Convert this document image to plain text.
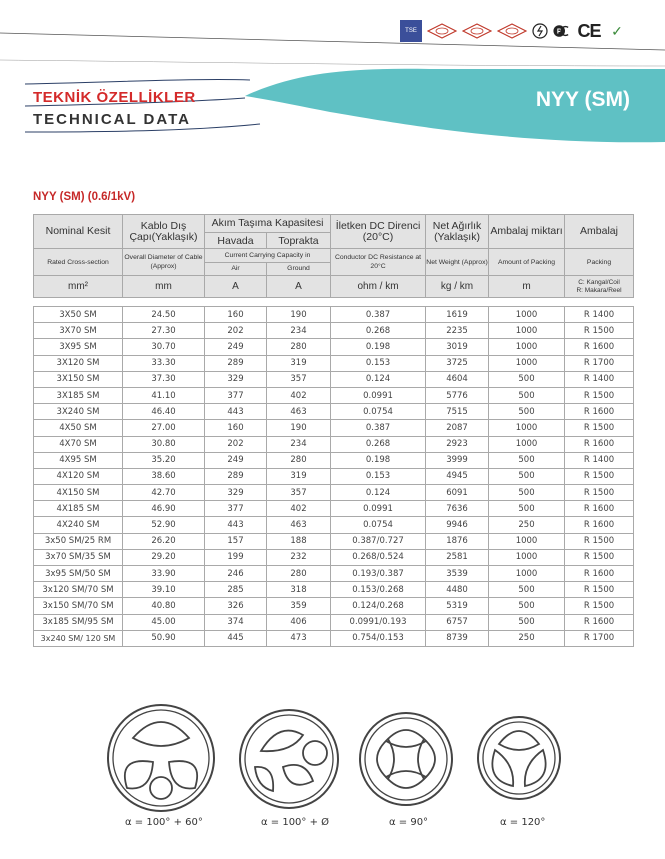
TSE	P CE ✓
TEKNİK ÖZELLİKLER
TECHNICAL DATA
NYY (SM)
NYY (SM) (0.6/1kV)
Nominal Kesit	Kablo Dış Çapı(Yaklaşık)	Akım Taşıma Kapasitesi		İletken DC Direnci (20°C)	Net Ağırlık (Yaklaşık)	Ambalaj miktarı	Ambalaj
		Havada	Toprakta				
Rated Cross-section	Overall Diameter of Cable (Approx)	Current Carrying Capacity in		Conductor DC Resistance at 20°C	Net Weight (Approx)	Amount of Packing	Packing
		Air	Ground				
mm²	mm	A	A	ohm / km	kg / km	m	C: Kangal/Coil
R: Makara/Reel

3X50 SM	24.50	160	190	0.387	1619	1000	R 1400
3X70 SM	27.30	202	234	0.268	2235	1000	R 1500
3X95 SM	30.70	249	280	0.198	3019	1000	R 1600
3X120 SM	33.30	289	319	0.153	3725	1000	R 1700
3X150 SM	37.30	329	357	0.124	4604	500	R 1400
3X185 SM	41.10	377	402	0.0991	5776	500	R 1500
3X240 SM	46.40	443	463	0.0754	7515	500	R 1600
4X50 SM	27.00	160	190	0.387	2087	1000	R 1500
4X70 SM	30.80	202	234	0.268	2923	1000	R 1600
4X95 SM	35.20	249	280	0.198	3999	500	R 1400
4X120 SM	38.60	289	319	0.153	4945	500	R 1500
4X150 SM	42.70	329	357	0.124	6091	500	R 1500
4X185 SM	46.90	377	402	0.0991	7636	500	R 1600
4X240 SM	52.90	443	463	0.0754	9946	250	R 1600
3x50 SM/25 RM	26.20	157	188	0.387/0.727	1876	1000	R 1500
3x70 SM/35 SM	29.20	199	232	0.268/0.524	2581	1000	R 1500
3x95 SM/50 SM	33.90	246	280	0.193/0.387	3539	1000	R 1600
3x120 SM/70 SM	39.10	285	318	0.153/0.268	4480	500	R 1500
3x150 SM/70 SM	40.80	326	359	0.124/0.268	5319	500	R 1500
3x185 SM/95 SM	45.00	374	406	0.0991/0.193	6757	500	R 1600
3x240 SM/ 120 SM	50.90	445	473	0.754/0.153	8739	250	R 1700
α = 100° + 60°	α = 100° + Ø	α = 90°	α = 120°
